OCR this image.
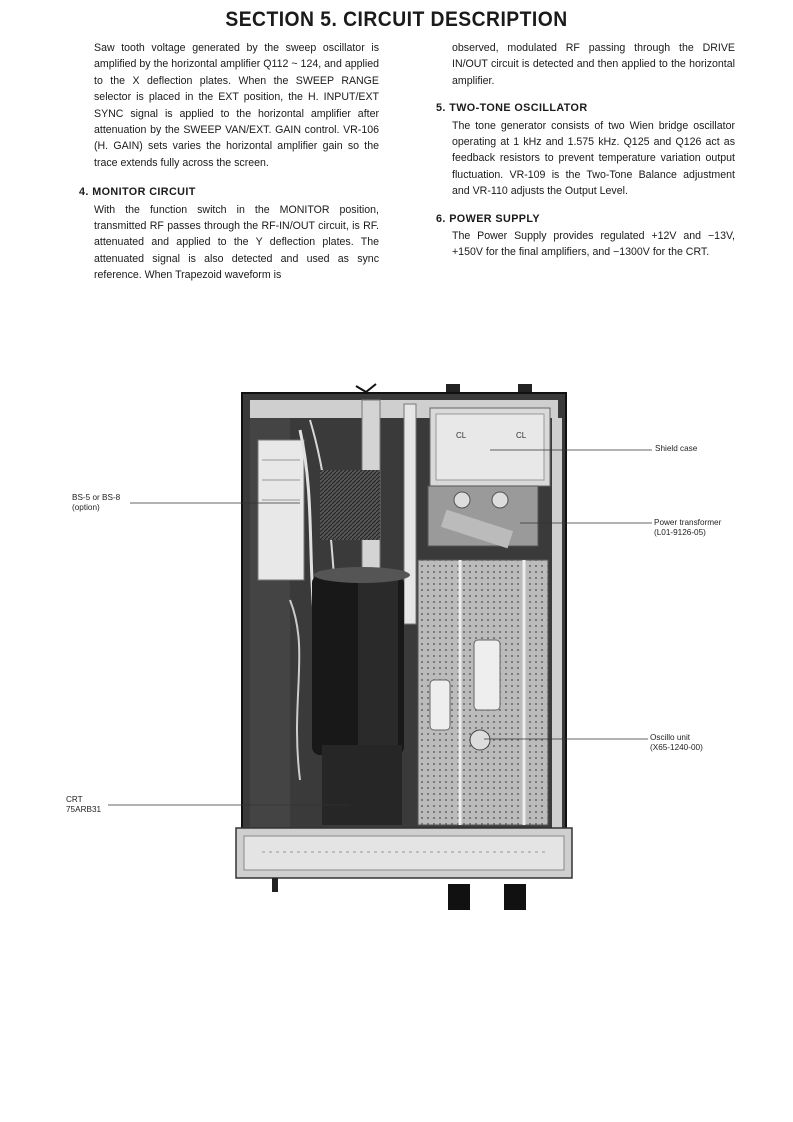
SECTION 5. CIRCUIT DESCRIPTION

Saw tooth voltage generated by the sweep oscillator is amplified by the horizontal amplifier Q112 ~ 124, and applied to the X deflection plates. When the SWEEP RANGE selector is placed in the EXT position, the H. INPUT/EXT SYNC signal is applied to the horizontal amplifier after attenuation by the SWEEP VAN/EXT. GAIN control. VR-106 (H. GAIN) sets varies the horizontal amplifier gain so the trace extends fully across the screen.

4. MONITOR CIRCUIT

With the function switch in the MONITOR position, transmitted RF passes through the RF-IN/OUT circuit, is RF. attenuated and applied to the Y deflection plates. The attenuated signal is also detected and used as sync reference. When Trapezoid waveform is

observed, modulated RF passing through the DRIVE IN/OUT circuit is detected and then applied to the horizontal amplifier.

5. TWO-TONE OSCILLATOR

The tone generator consists of two Wien bridge oscillator operating at 1 kHz and 1.575 kHz. Q125 and Q126 act as feedback resistors to prevent temperature variation output fluctuation. VR-109 is the Two-Tone Balance adjustment and VR-110 adjusts the Output Level.

6. POWER SUPPLY

The Power Supply provides regulated +12V and −13V, +150V for the final amplifiers, and −1300V for the CRT.

CL	CL
BS-5 or BS-8
(option)
Shield case
Power transformer
(L01-9126-05)
Oscillo unit
(X65-1240-00)
CRT
75ARB31
